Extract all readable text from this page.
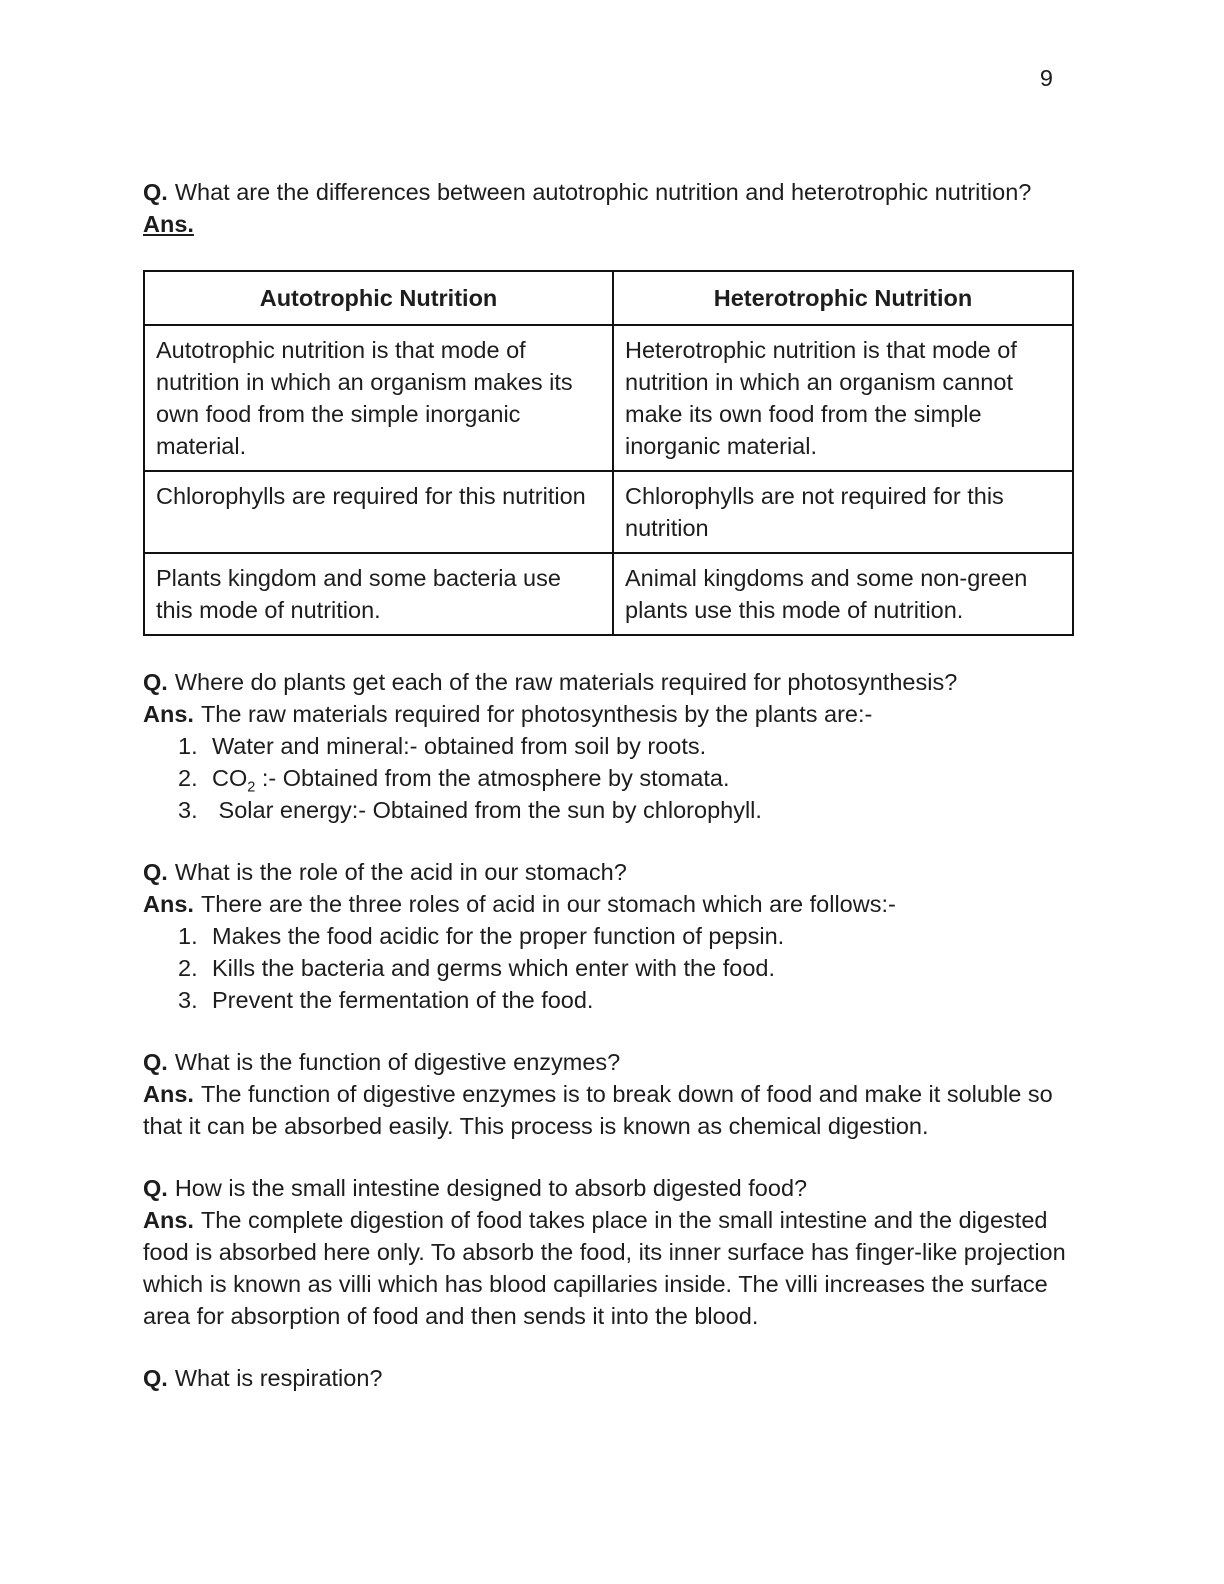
9

Q. What are the differences between autotrophic nutrition and heterotrophic nutrition?

Ans.

Autotrophic Nutrition	Heterotrophic Nutrition
Autotrophic nutrition is that mode of nutrition in which an organism makes its own food from the simple inorganic material.	Heterotrophic nutrition is that mode of nutrition in which an organism cannot make its own food from the simple inorganic material.
Chlorophylls are required for this nutrition	Chlorophylls are not required for this nutrition
Plants kingdom and some bacteria use this mode of nutrition.	Animal kingdoms and some non-green plants use this mode of nutrition.

Q. Where do plants get each of the raw materials required for photosynthesis?

Ans. The raw materials required for photosynthesis by the plants are:-

1. Water and mineral:- obtained from soil by roots.
2. $CO_2$ :- Obtained from the atmosphere by stomata.
3. Solar energy:- Obtained from the sun by chlorophyll.

Q. What is the role of the acid in our stomach?

Ans. There are the three roles of acid in our stomach which are follows:-

1. Makes the food acidic for the proper function of pepsin.
2. Kills the bacteria and germs which enter with the food.
3. Prevent the fermentation of the food.

Q. What is the function of digestive enzymes?

Ans. The function of digestive enzymes is to break down of food and make it soluble so that it can be absorbed easily. This process is known as chemical digestion.

Q. How is the small intestine designed to absorb digested food?

Ans. The complete digestion of food takes place in the small intestine and the digested food is absorbed here only. To absorb the food, its inner surface has finger-like projection which is known as villi which has blood capillaries inside. The villi increases the surface area for absorption of food and then sends it into the blood.

Q. What is respiration?
